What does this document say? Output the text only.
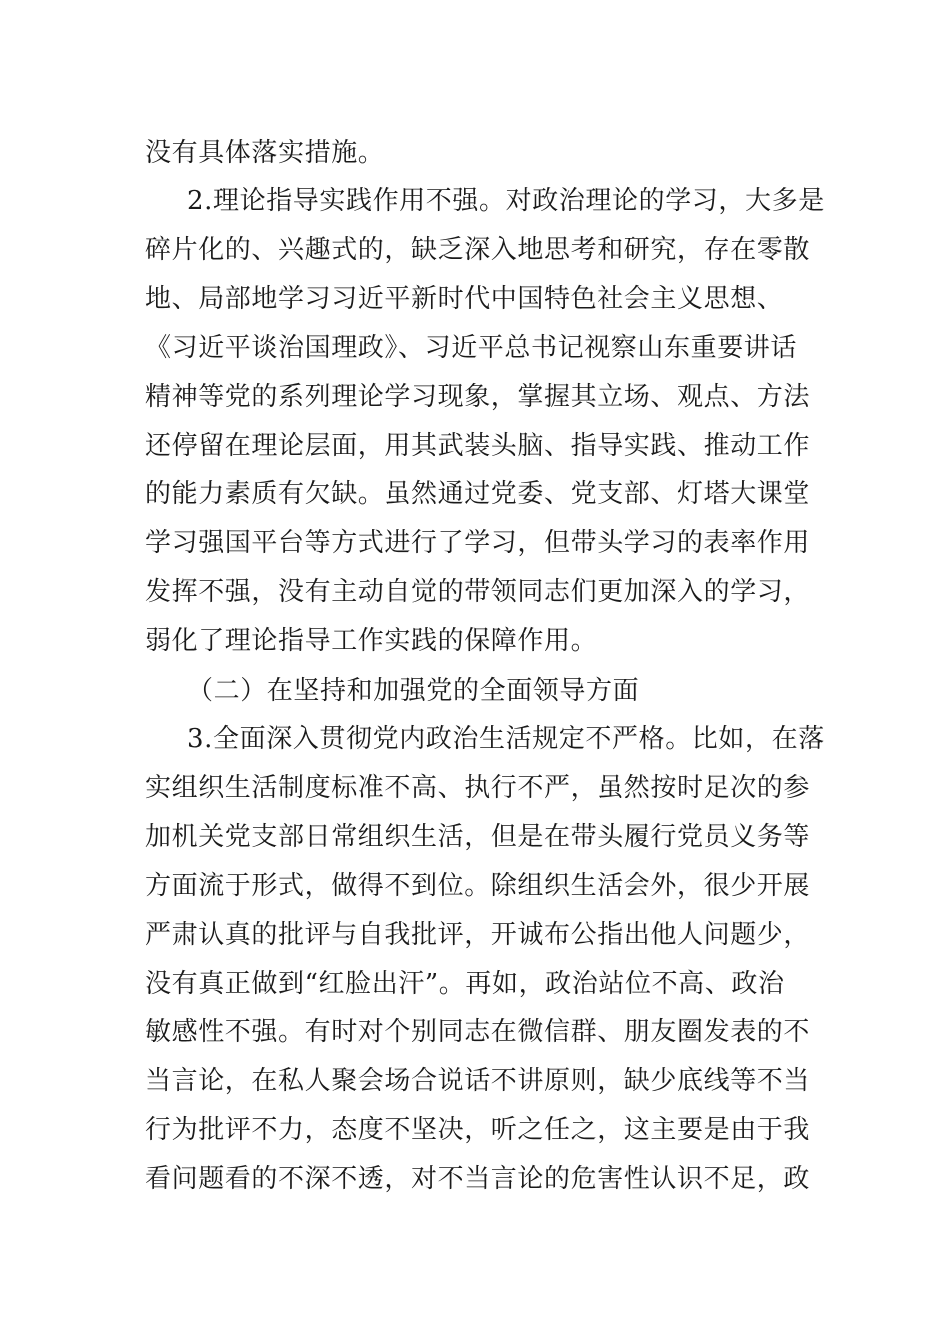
没有具体落实措施。
2.理论指导实践作用不强。对政治理论的学习，大多是
碎片化的、兴趣式的，缺乏深入地思考和研究，存在零散
地、局部地学习习近平新时代中国特色社会主义思想、
《习近平谈治国理政》、习近平总书记视察山东重要讲话
精神等党的系列理论学习现象，掌握其立场、观点、方法
还停留在理论层面，用其武装头脑、指导实践、推动工作
的能力素质有欠缺。虽然通过党委、党支部、灯塔大课堂
学习强国平台等方式进行了学习，但带头学习的表率作用
发挥不强，没有主动自觉的带领同志们更加深入的学习，
弱化了理论指导工作实践的保障作用。
（二）在坚持和加强党的全面领导方面
3.全面深入贯彻党内政治生活规定不严格。比如，在落
实组织生活制度标准不高、执行不严，虽然按时足次的参
加机关党支部日常组织生活，但是在带头履行党员义务等
方面流于形式，做得不到位。除组织生活会外，很少开展
严肃认真的批评与自我批评，开诚布公指出他人问题少，
没有真正做到“红脸出汗”。再如，政治站位不高、政治
敏感性不强。有时对个别同志在微信群、朋友圈发表的不
当言论，在私人聚会场合说话不讲原则，缺少底线等不当
行为批评不力，态度不坚决，听之任之，这主要是由于我
看问题看的不深不透，对不当言论的危害性认识不足，政
